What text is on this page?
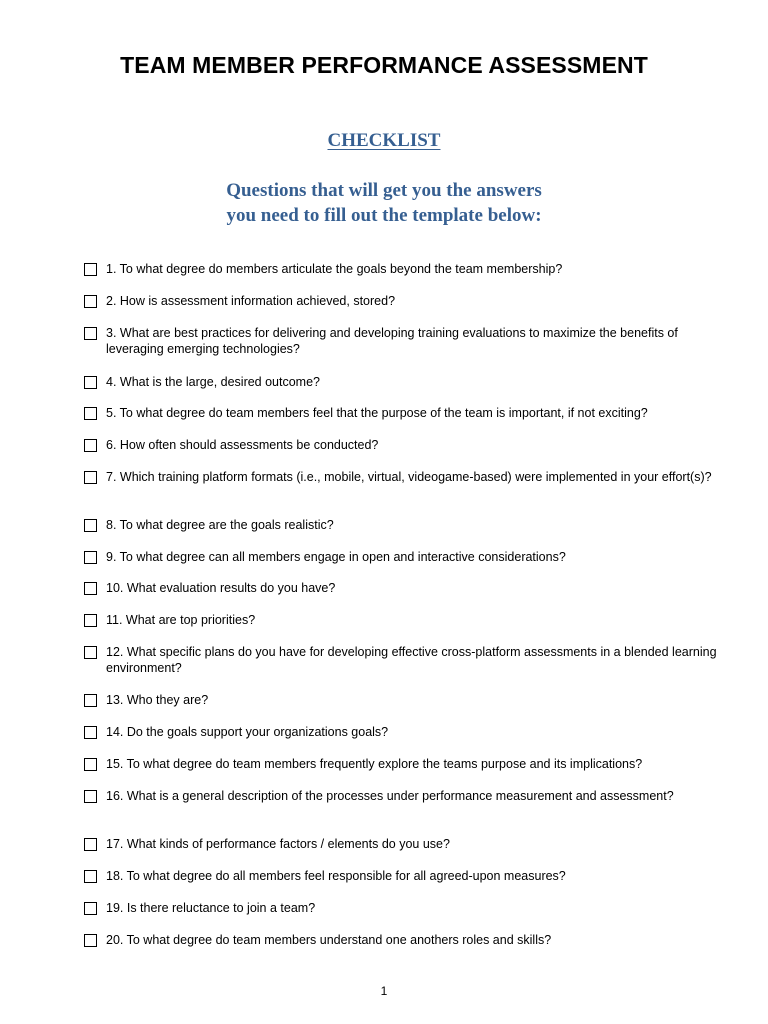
TEAM MEMBER PERFORMANCE ASSESSMENT
CHECKLIST
Questions that will get you the answers
you need to fill out the template below:
1. To what degree do members articulate the goals beyond the team membership?
2. How is assessment information achieved, stored?
3. What are best practices for delivering and developing training evaluations to maximize the benefits of leveraging emerging technologies?
4. What is the large, desired outcome?
5. To what degree do team members feel that the purpose of the team is important, if not exciting?
6. How often should assessments be conducted?
7. Which training platform formats (i.e., mobile, virtual, videogame-based) were implemented in your effort(s)?
8. To what degree are the goals realistic?
9. To what degree can all members engage in open and interactive considerations?
10. What evaluation results do you have?
11. What are top priorities?
12. What specific plans do you have for developing effective cross-platform assessments in a blended learning environment?
13. Who they are?
14. Do the goals support your organizations goals?
15. To what degree do team members frequently explore the teams purpose and its implications?
16. What is a general description of the processes under performance measurement and assessment?
17. What kinds of performance factors / elements do you use?
18. To what degree do all members feel responsible for all agreed-upon measures?
19. Is there reluctance to join a team?
20. To what degree do team members understand one anothers roles and skills?
1
